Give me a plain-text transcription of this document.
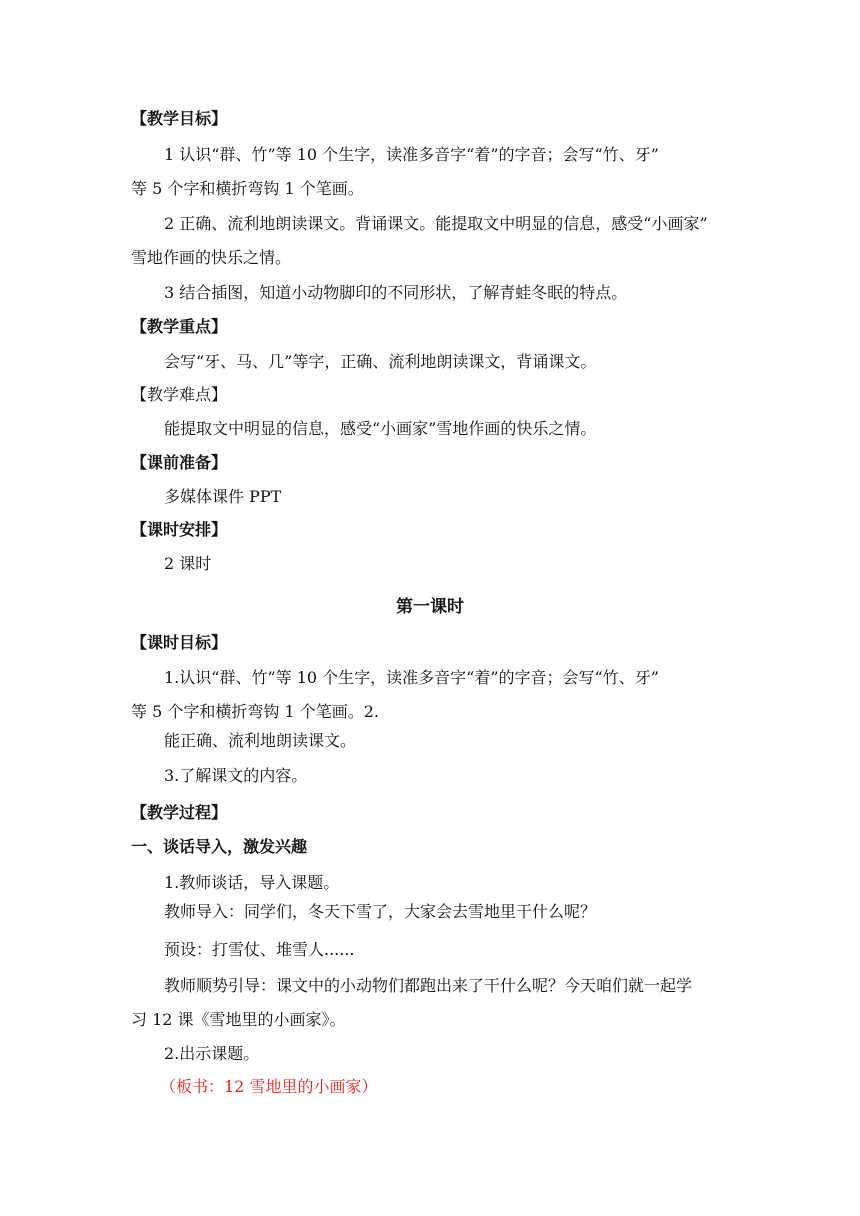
【教学目标】
1 认识“群、竹”等 10 个生字，读准多音字“着”的字音；会写“竹、牙”
等 5 个字和横折弯钩 1 个笔画。
2 正确、流利地朗读课文。背诵课文。能提取文中明显的信息，感受“小画家”
雪地作画的快乐之情。
3 结合插图，知道小动物脚印的不同形状，了解青蛙冬眠的特点。
【教学重点】
会写“牙、马、几”等字，正确、流利地朗读课文，背诵课文。
【教学难点】
能提取文中明显的信息，感受“小画家”雪地作画的快乐之情。
【课前准备】
多媒体课件 PPT
【课时安排】
2 课时
第一课时
【课时目标】
1.认识“群、竹”等 10 个生字，读准多音字“着”的字音；会写“竹、牙”
等 5 个字和横折弯钩 1 个笔画。2.
能正确、流利地朗读课文。
3.了解课文的内容。
【教学过程】
一、谈话导入，激发兴趣
1.教师谈话，导入课题。
教师导入：同学们，冬天下雪了，大家会去雪地里干什么呢？
预设：打雪仗、堆雪人......
教师顺势引导：课文中的小动物们都跑出来了干什么呢？今天咱们就一起学
习 12 课《雪地里的小画家》。
2.出示课题。
（板书：12 雪地里的小画家）
